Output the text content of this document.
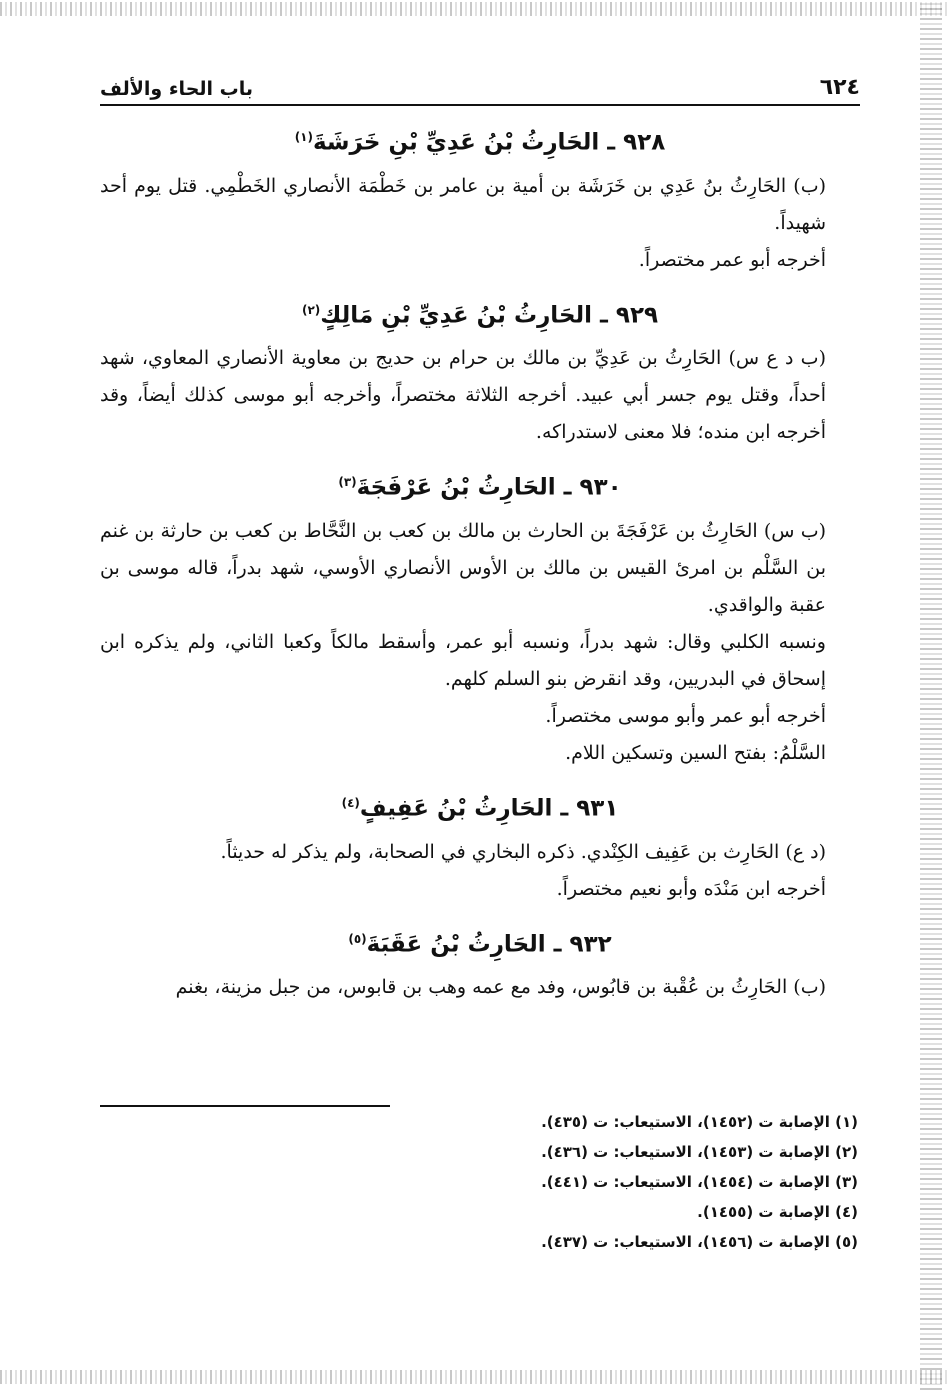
٦٢٤
باب الحاء والألف
٩٢٨ ـ الحَارِثُ بْنُ عَدِيِّ بْنِ خَرَشَةَ$^{(١)}$

(ب) الحَارِثُ بنُ عَدِي بن خَرَشَة بن أمية بن عامر بن خَطْمَة الأنصاري الخَطْمِي. قتل يوم أحد شهيداً.

أخرجه أبو عمر مختصراً.

٩٢٩ ـ الحَارِثُ بْنُ عَدِيِّ بْنِ مَالِكٍ$^{(٢)}$

(ب د ع س) الحَارِثُ بن عَدِيِّ بن مالك بن حرام بن حديج بن معاوية الأنصاري المعاوي، شهد أحداً، وقتل يوم جسر أبي عبيد. أخرجه الثلاثة مختصراً، وأخرجه أبو موسى كذلك أيضاً، وقد أخرجه ابن منده؛ فلا معنى لاستدراكه.

٩٣٠ ـ الحَارِثُ بْنُ عَرْفَجَةَ$^{(٣)}$

(ب س) الحَارِثُ بن عَرْفَجَةَ بن الحارث بن مالك بن كعب بن النَّحَّاط بن كعب بن حارثة بن غنم بن السَّلْم بن امرئ القيس بن مالك بن الأوس الأنصاري الأوسي، شهد بدراً، قاله موسى بن عقبة والواقدي.

ونسبه الكلبي وقال: شهد بدراً، ونسبه أبو عمر، وأسقط مالكاً وكعبا الثاني، ولم يذكره ابن إسحاق في البدريين، وقد انقرض بنو السلم كلهم.

أخرجه أبو عمر وأبو موسى مختصراً.

السَّلْمُ: بفتح السين وتسكين اللام.

٩٣١ ـ الحَارِثُ بْنُ عَفِيفٍ$^{(٤)}$

(د ع) الحَارِث بن عَفِيف الكِنْدي. ذكره البخاري في الصحابة، ولم يذكر له حديثاً.

أخرجه ابن مَنْدَه وأبو نعيم مختصراً.

٩٣٢ ـ الحَارِثُ بْنُ عَقَبَةَ$^{(٥)}$

(ب) الحَارِثُ بن عُقْبة بن قابُوس، وفد مع عمه وهب بن قابوس، من جبل مزينة، بغنم

(١) الإصابة ت (١٤٥٢)، الاستيعاب: ت (٤٣٥).

(٢) الإصابة ت (١٤٥٣)، الاستيعاب: ت (٤٣٦).

(٣) الإصابة ت (١٤٥٤)، الاستيعاب: ت (٤٤١).

(٤) الإصابة ت (١٤٥٥).

(٥) الإصابة ت (١٤٥٦)، الاستيعاب: ت (٤٣٧).
